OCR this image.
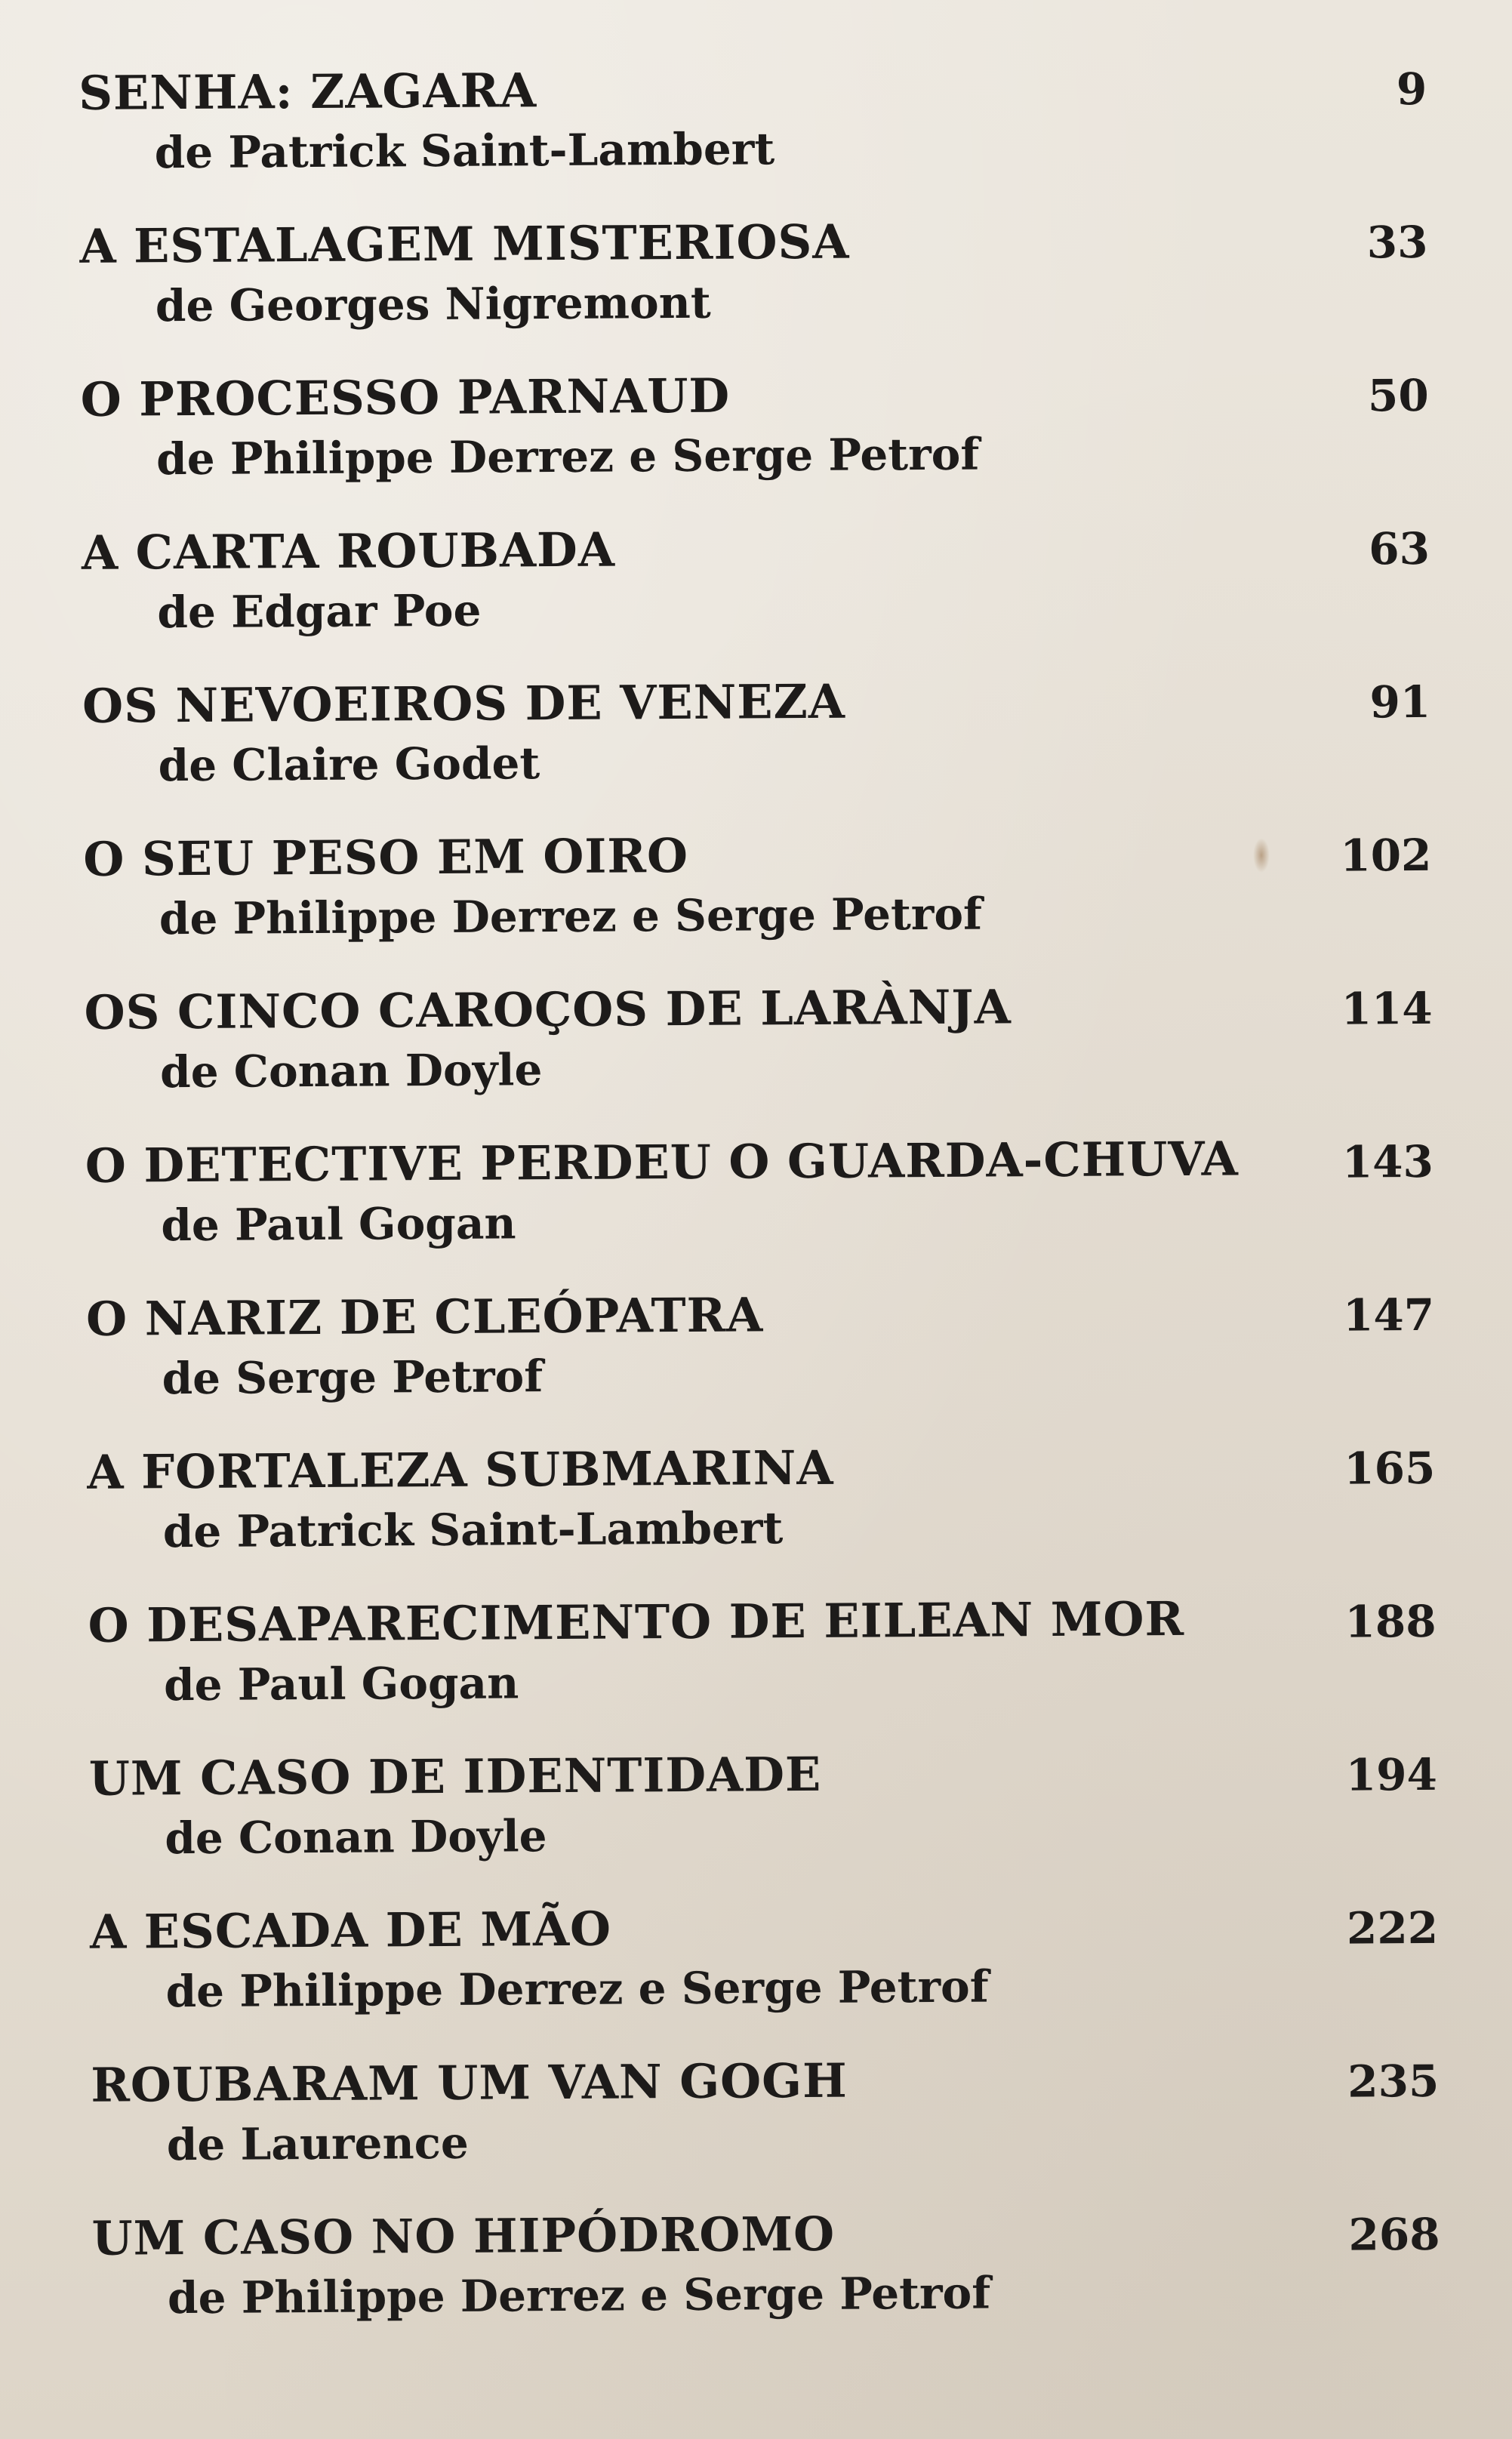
SENHA: ZAGARA	9
de Patrick Saint-Lambert
A ESTALAGEM MISTERIOSA	33
de Georges Nigremont
O PROCESSO PARNAUD	50
de Philippe Derrez e Serge Petrof
A CARTA ROUBADA	63
de Edgar Poe
OS NEVOEIROS DE VENEZA	91
de Claire Godet
O SEU PESO EM OIRO	102
de Philippe Derrez e Serge Petrof
OS CINCO CAROÇOS DE LARÀNJA	114
de Conan Doyle
O DETECTIVE PERDEU O GUARDA-CHUVA 143
de Paul Gogan
O NARIZ DE CLEÓPATRA	147
de Serge Petrof
A FORTALEZA SUBMARINA	165
de Patrick Saint-Lambert
O DESAPARECIMENTO DE EILEAN MOR	188
de Paul Gogan
UM CASO DE IDENTIDADE	194
de Conan Doyle
A ESCADA DE MÃO	222
de Philippe Derrez e Serge Petrof
ROUBARAM UM VAN GOGH	235
de Laurence
UM CASO NO HIPÓDROMO	268
de Philippe Derrez e Serge Petrof
